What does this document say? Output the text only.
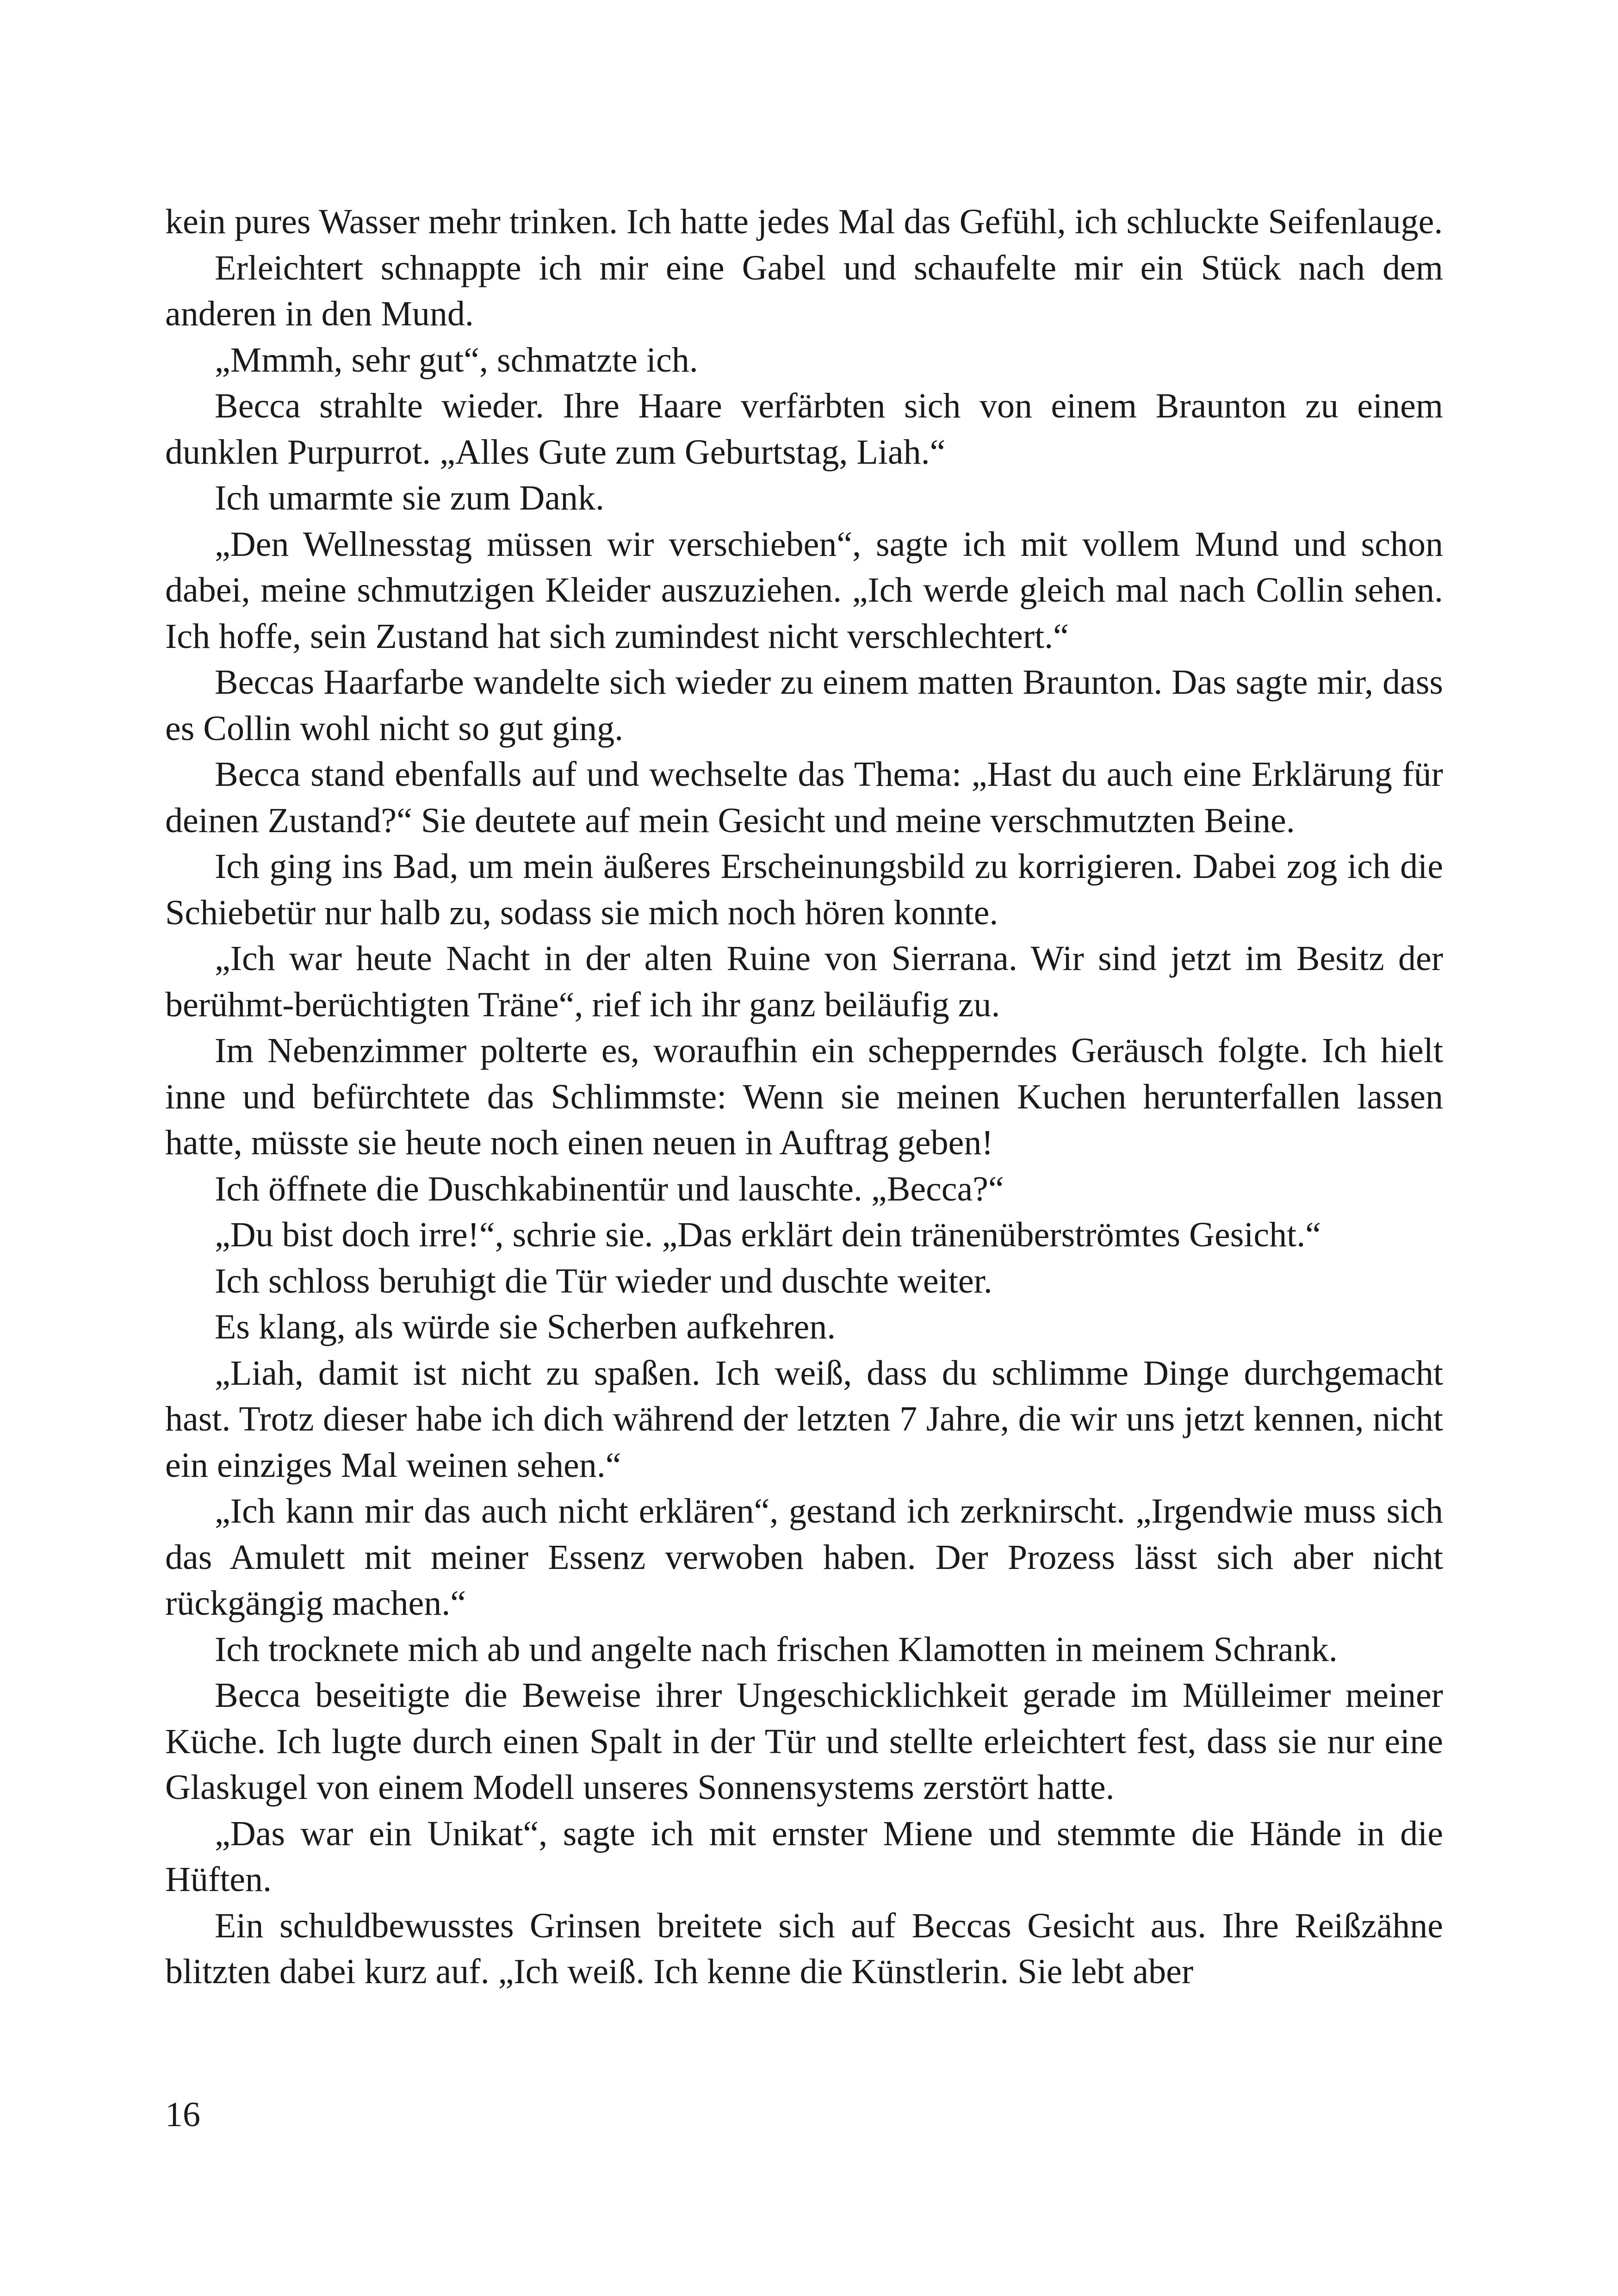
kein pures Wasser mehr trinken. Ich hatte jedes Mal das Gefühl, ich schluckte Seifenlauge.

Erleichtert schnappte ich mir eine Gabel und schaufelte mir ein Stück nach dem anderen in den Mund.

„Mmmh, sehr gut“, schmatzte ich.

Becca strahlte wieder. Ihre Haare verfärbten sich von einem Braunton zu einem dunklen Purpurrot. „Alles Gute zum Geburtstag, Liah.“

Ich umarmte sie zum Dank.

„Den Wellnesstag müssen wir verschieben“, sagte ich mit vollem Mund und schon dabei, meine schmutzigen Kleider auszuziehen. „Ich werde gleich mal nach Collin sehen. Ich hoffe, sein Zustand hat sich zumindest nicht verschlechtert.“

Beccas Haarfarbe wandelte sich wieder zu einem matten Braunton. Das sagte mir, dass es Collin wohl nicht so gut ging.

Becca stand ebenfalls auf und wechselte das Thema: „Hast du auch eine Erklärung für deinen Zustand?“ Sie deutete auf mein Gesicht und meine verschmutzten Beine.

Ich ging ins Bad, um mein äußeres Erscheinungsbild zu korrigieren. Dabei zog ich die Schiebetür nur halb zu, sodass sie mich noch hören konnte.

„Ich war heute Nacht in der alten Ruine von Sierrana. Wir sind jetzt im Besitz der berühmt-berüchtigten Träne“, rief ich ihr ganz beiläufig zu.

Im Nebenzimmer polterte es, woraufhin ein schepperndes Geräusch folgte. Ich hielt inne und befürchtete das Schlimmste: Wenn sie meinen Kuchen herunterfallen lassen hatte, müsste sie heute noch einen neuen in Auftrag geben!

Ich öffnete die Duschkabinentür und lauschte. „Becca?“

„Du bist doch irre!“, schrie sie. „Das erklärt dein tränenüberströmtes Gesicht.“

Ich schloss beruhigt die Tür wieder und duschte weiter.

Es klang, als würde sie Scherben aufkehren.

„Liah, damit ist nicht zu spaßen. Ich weiß, dass du schlimme Dinge durchgemacht hast. Trotz dieser habe ich dich während der letzten 7 Jahre, die wir uns jetzt kennen, nicht ein einziges Mal weinen sehen.“

„Ich kann mir das auch nicht erklären“, gestand ich zerknirscht. „Irgendwie muss sich das Amulett mit meiner Essenz verwoben haben. Der Prozess lässt sich aber nicht rückgängig machen.“

Ich trocknete mich ab und angelte nach frischen Klamotten in meinem Schrank.

Becca beseitigte die Beweise ihrer Ungeschicklichkeit gerade im Mülleimer meiner Küche. Ich lugte durch einen Spalt in der Tür und stellte erleichtert fest, dass sie nur eine Glaskugel von einem Modell unseres Sonnensystems zerstört hatte.

„Das war ein Unikat“, sagte ich mit ernster Miene und stemmte die Hände in die Hüften.

Ein schuldbewusstes Grinsen breitete sich auf Beccas Gesicht aus. Ihre Reißzähne blitzten dabei kurz auf. „Ich weiß. Ich kenne die Künstlerin. Sie lebt aber

16
